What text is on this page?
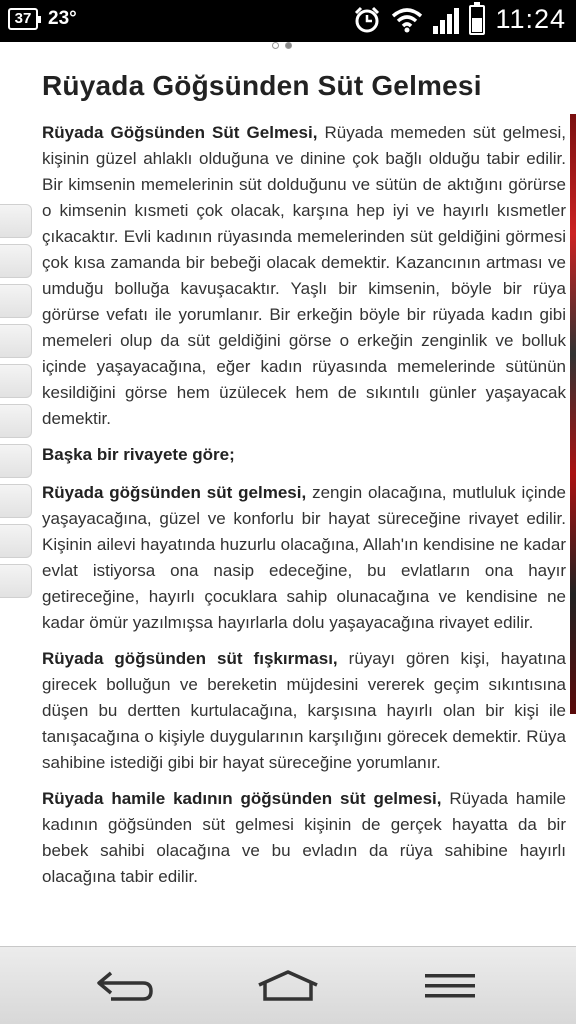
37 23°	11:24
Rüyada Göğsünden Süt Gelmesi

Rüyada Göğsünden Süt Gelmesi, Rüyada memeden süt gelmesi, kişinin güzel ahlaklı olduğuna ve dinine çok bağlı olduğu tabir edilir. Bir kimsenin memelerinin süt dolduğunu ve sütün de aktığını görürse o kimsenin kısmeti çok olacak, karşına hep iyi ve hayırlı kısmetler çıkacaktır. Evli kadının rüyasında memelerinden süt geldiğini görmesi çok kısa zamanda bir bebeği olacak demektir. Kazancının artması ve umduğu bolluğa kavuşacaktır. Yaşlı bir kimsenin, böyle bir rüya görürse vefatı ile yorumlanır. Bir erkeğin böyle bir rüyada kadın gibi memeleri olup da süt geldiğini görse o erkeğin zenginlik ve bolluk içinde yaşayacağına, eğer kadın rüyasında memelerinde sütünün kesildiğini görse hem üzülecek hem de sıkıntılı günler yaşayacak demektir.

Başka bir rivayete göre;

Rüyada göğsünden süt gelmesi, zengin olacağına, mutluluk içinde yaşayacağına, güzel ve konforlu bir hayat süreceğine rivayet edilir. Kişinin ailevi hayatında huzurlu olacağına, Allah'ın kendisine ne kadar evlat istiyorsa ona nasip edeceğine, bu evlatların ona hayır getireceğine, hayırlı çocuklara sahip olunacağına ve kendisine ne kadar ömür yazılmışsa hayırlarla dolu yaşayacağına rivayet edilir.

Rüyada göğsünden süt fışkırması, rüyayı gören kişi, hayatına girecek bolluğun ve bereketin müjdesini vererek geçim sıkıntısına düşen bu dertten kurtulacağına, karşısına hayırlı olan bir kişi ile tanışacağına o kişiyle duygularının karşılığını görecek demektir. Rüya sahibine istediği gibi bir hayat süreceğine yorumlanır.

Rüyada hamile kadının göğsünden süt gelmesi, Rüyada hamile kadının göğsünden süt gelmesi kişinin de gerçek hayatta da bir bebek sahibi olacağına ve bu evladın da rüya sahibine hayırlı olacağına tabir edilir.
